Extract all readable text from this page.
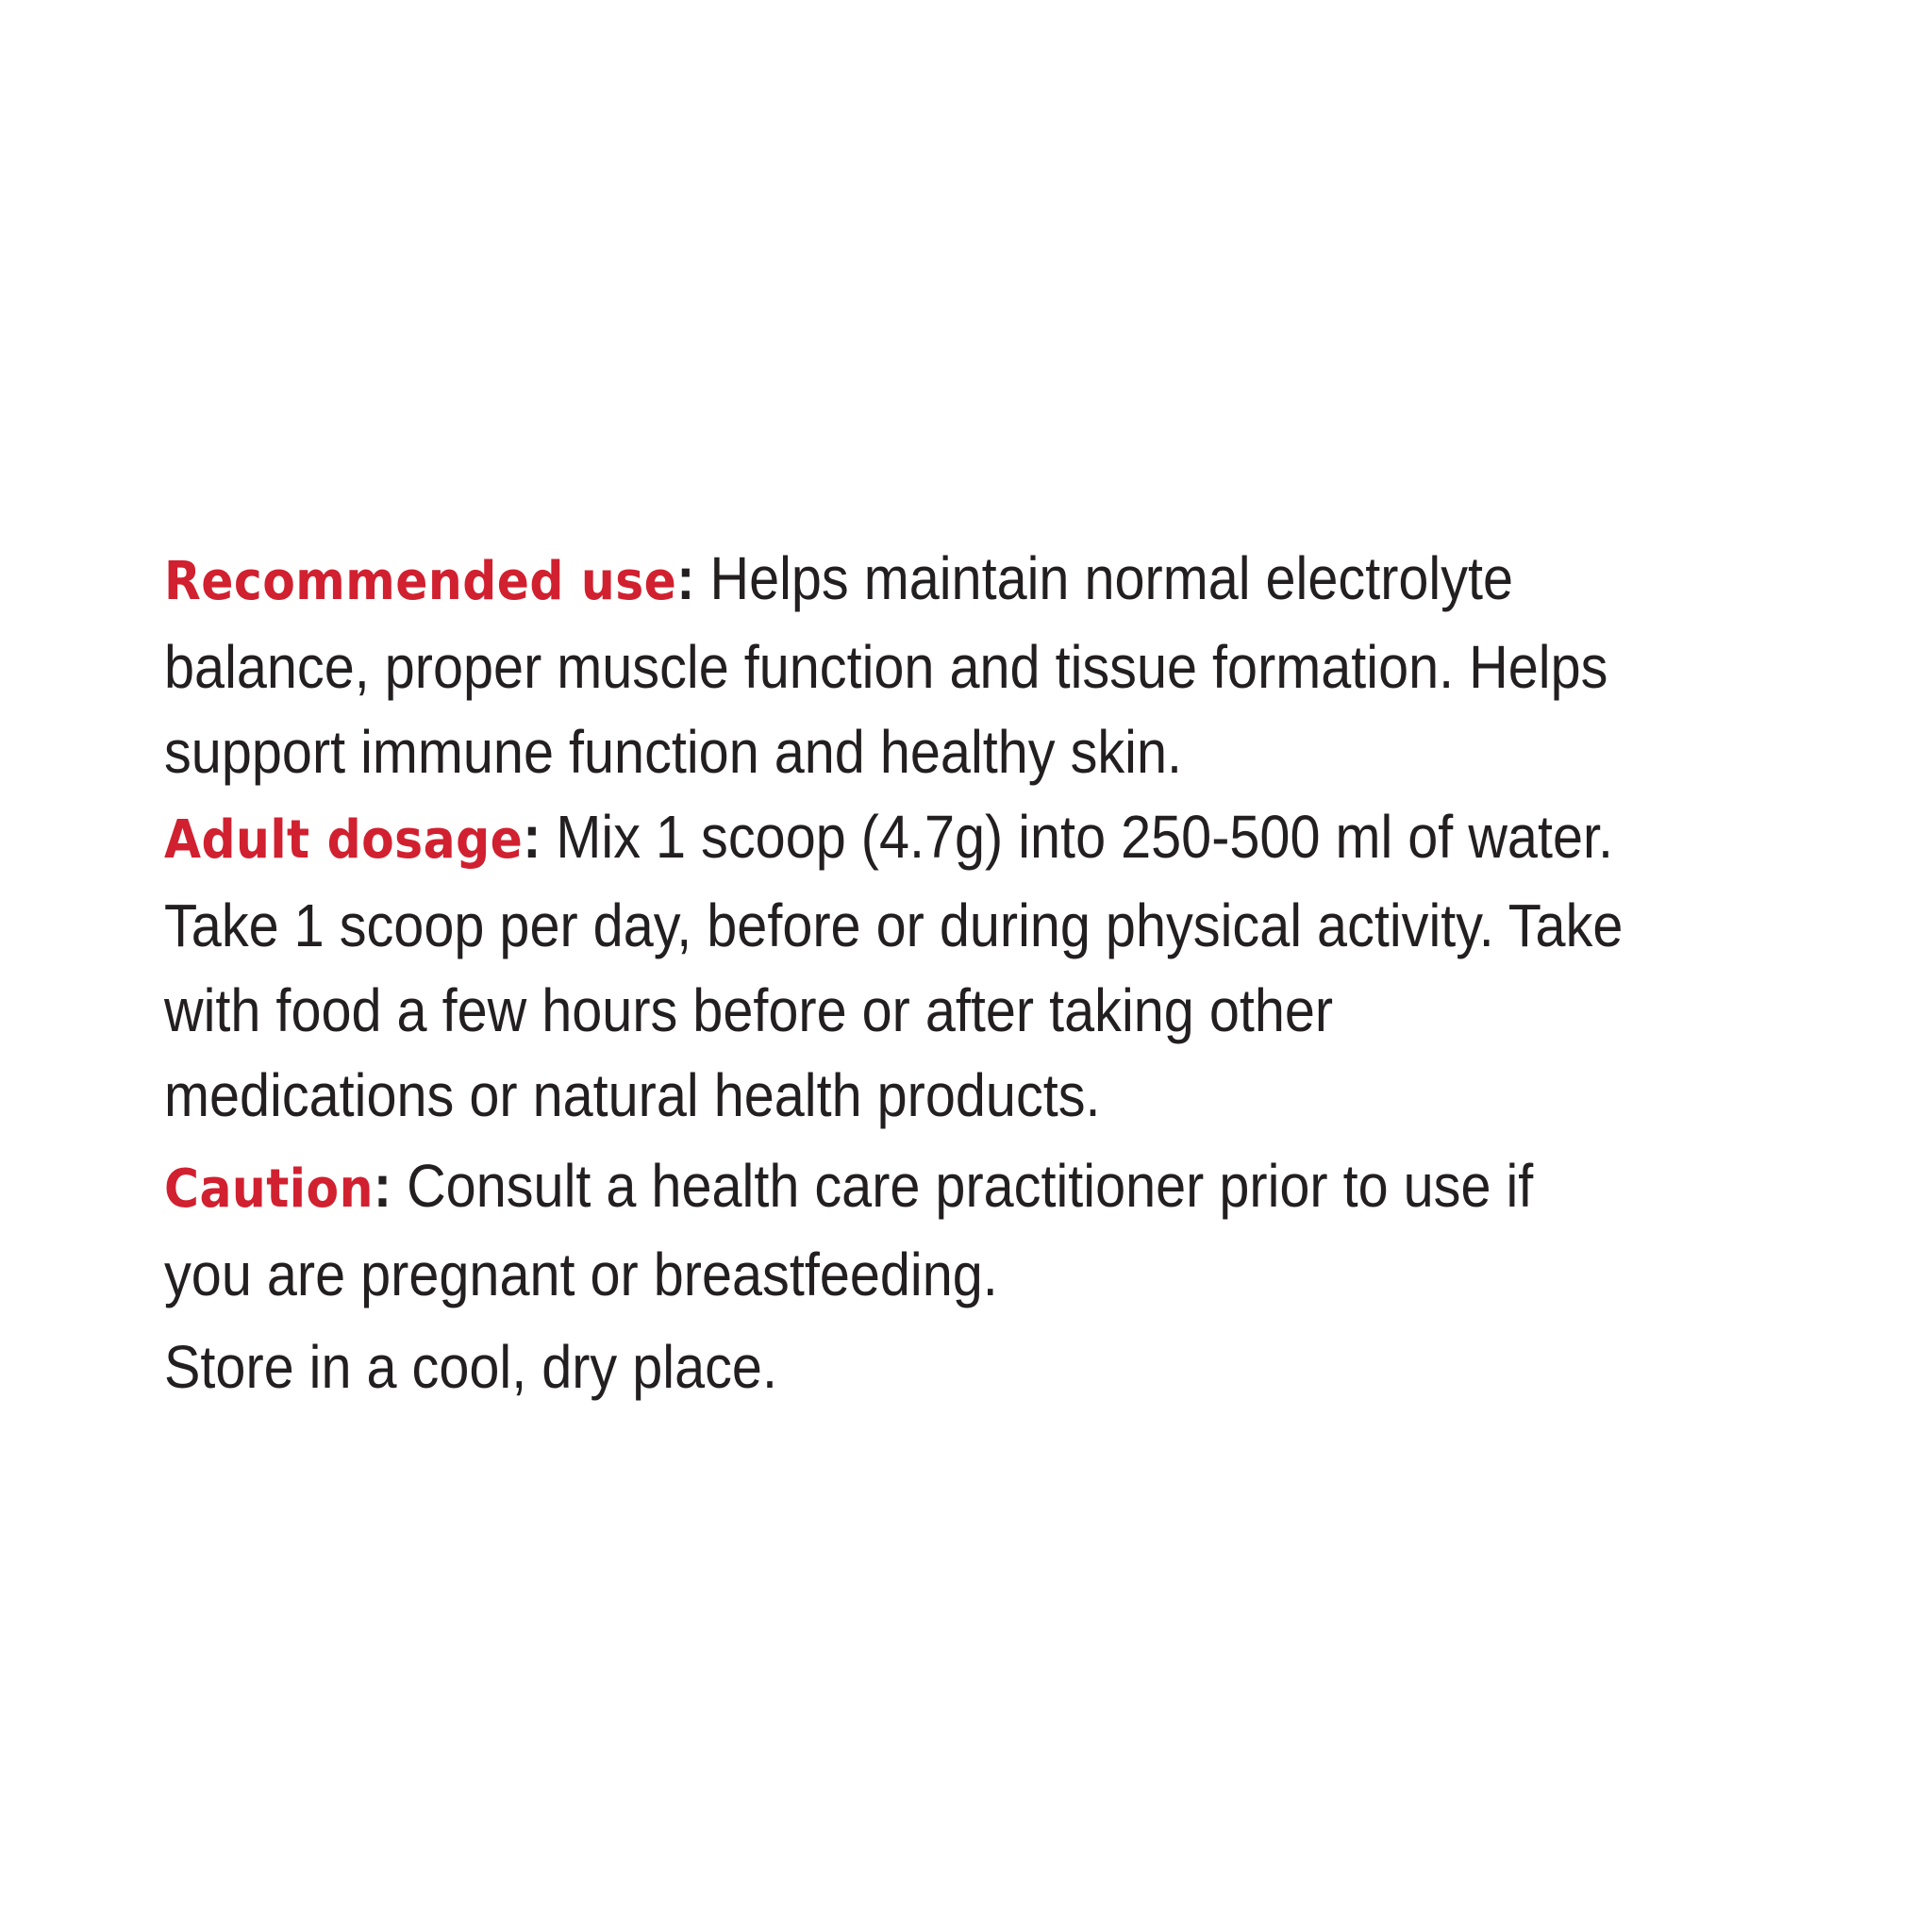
Recommended use: Helps maintain normal electrolyte balance, proper muscle function and tissue formation. Helps support immune function and healthy skin.

Adult dosage: Mix 1 scoop (4.7g) into 250-500 ml of water. Take 1 scoop per day, before or during physical activity. Take with food a few hours before or after taking other medications or natural health products.

Caution: Consult a health care practitioner prior to use if you are pregnant or breastfeeding.

Store in a cool, dry place.
